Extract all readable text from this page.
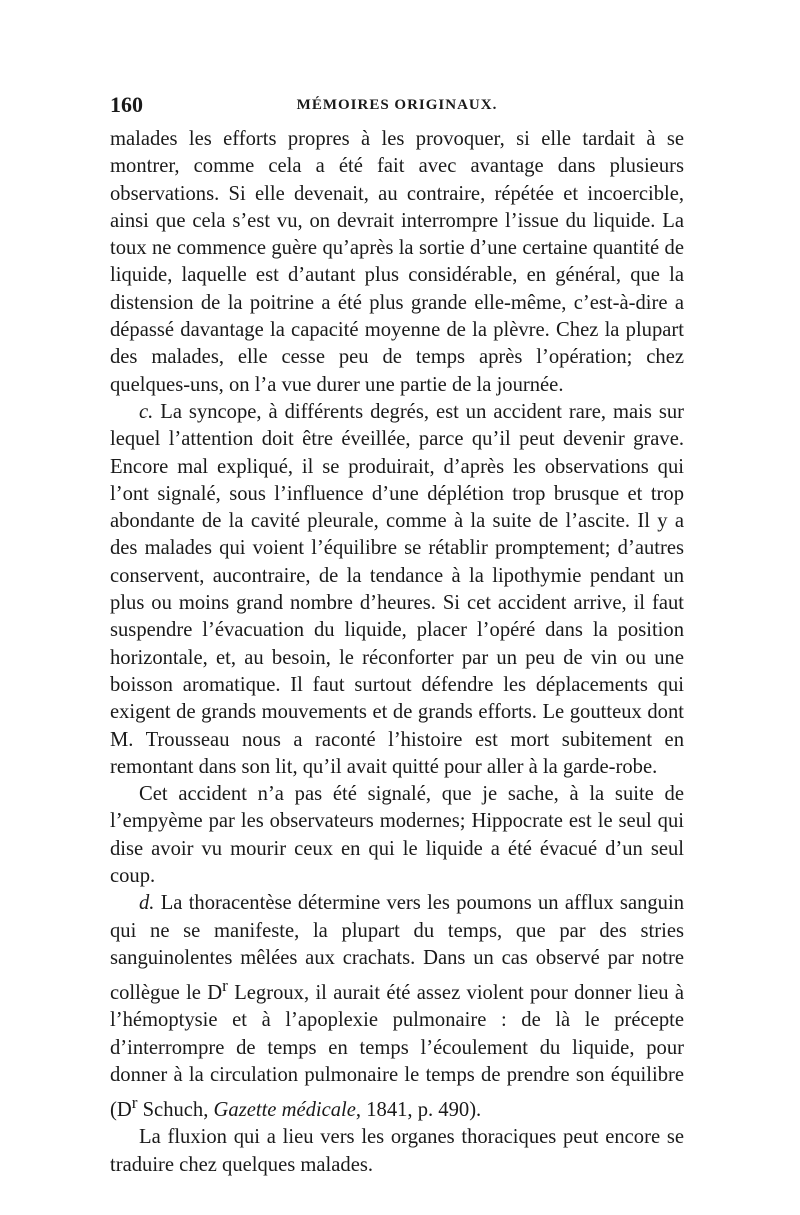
160	MÉMOIRES ORIGINAUX.

malades les efforts propres à les provoquer, si elle tardait à se montrer, comme cela a été fait avec avantage dans plusieurs observations. Si elle devenait, au contraire, répétée et incoercible, ainsi que cela s’est vu, on devrait interrompre l’issue du liquide. La toux ne commence guère qu’après la sortie d’une certaine quantité de liquide, laquelle est d’autant plus considérable, en général, que la distension de la poitrine a été plus grande elle-même, c’est-à-dire a dépassé davantage la capacité moyenne de la plèvre. Chez la plupart des malades, elle cesse peu de temps après l’opération; chez quelques-uns, on l’a vue durer une partie de la journée.

c. La syncope, à différents degrés, est un accident rare, mais sur lequel l’attention doit être éveillée, parce qu’il peut devenir grave. Encore mal expliqué, il se produirait, d’après les observations qui l’ont signalé, sous l’influence d’une déplétion trop brusque et trop abondante de la cavité pleurale, comme à la suite de l’ascite. Il y a des malades qui voient l’équilibre se rétablir promptement; d’autres conservent, aucontraire, de la tendance à la lipothymie pendant un plus ou moins grand nombre d’heures. Si cet accident arrive, il faut suspendre l’évacuation du liquide, placer l’opéré dans la position horizontale, et, au besoin, le réconforter par un peu de vin ou une boisson aromatique. Il faut surtout défendre les déplacements qui exigent de grands mouvements et de grands efforts. Le goutteux dont M. Trousseau nous a raconté l’histoire est mort subitement en remontant dans son lit, qu’il avait quitté pour aller à la garde-robe.

Cet accident n’a pas été signalé, que je sache, à la suite de l’empyème par les observateurs modernes; Hippocrate est le seul qui dise avoir vu mourir ceux en qui le liquide a été évacué d’un seul coup.

d. La thoracentèse détermine vers les poumons un afflux sanguin qui ne se manifeste, la plupart du temps, que par des stries sanguinolentes mêlées aux crachats. Dans un cas observé par notre collègue le $D^r$ Legroux, il aurait été assez violent pour donner lieu à l’hémoptysie et à l’apoplexie pulmonaire : de là le précepte d’interrompre de temps en temps l’écoulement du liquide, pour donner à la circulation pulmonaire le temps de prendre son équilibre ($D^r$ Schuch, Gazette médicale, 1841, p. 490).

La fluxion qui a lieu vers les organes thoraciques peut encore se traduire chez quelques malades.
